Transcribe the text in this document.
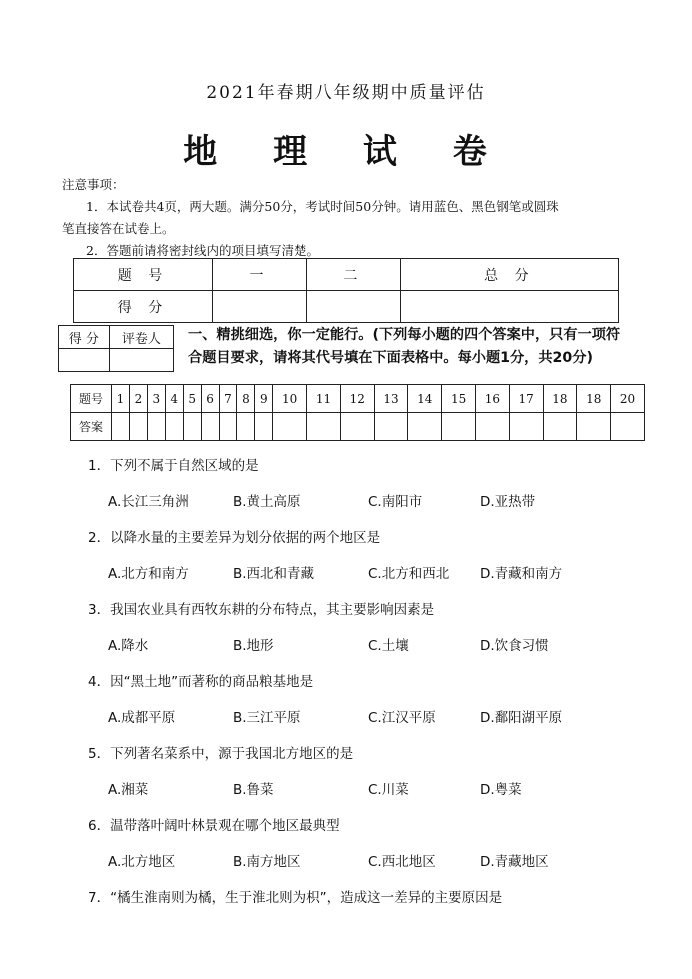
2021年春期八年级期中质量评估
地 理 试 卷

注意事项：

1．本试卷共4页，两大题。满分50分，考试时间50分钟。请用蓝色、黑色钢笔或圆珠

笔直接答在试卷上。

2．答题前请将密封线内的项目填写清楚。

题 号	一	二	总 分
得 分			
得 分	评卷人
	一、精挑细选，你一定能行。(下列每小题的四个答案中，只有一项符合题目要求，请将其代号填在下面表格中。每小题1分，共20分)
题号	1	2	3	4	5	6	7	8	9	10	11	12	13	14	15	16	17	18	18	20
答案																				
1．下列不属于自然区域的是
A.长江三角洲	B.黄土高原	C.南阳市	D.亚热带
2．以降水量的主要差异为划分依据的两个地区是
A.北方和南方	B.西北和青藏	C.北方和西北 D.青藏和南方
3．我国农业具有西牧东耕的分布特点，其主要影响因素是
A.降水	B.地形	C.土壤	D.饮食习惯
4．因“黑土地”而著称的商品粮基地是
A.成都平原	B.三江平原	C.江汉平原	D.鄱阳湖平原
5．下列著名菜系中，源于我国北方地区的是
A.湘菜	B.鲁菜	C.川菜	D.粤菜
6．温带落叶阔叶林景观在哪个地区最典型
A.北方地区	B.南方地区	C.西北地区	D.青藏地区
7．“橘生淮南则为橘，生于淮北则为枳”，造成这一差异的主要原因是
